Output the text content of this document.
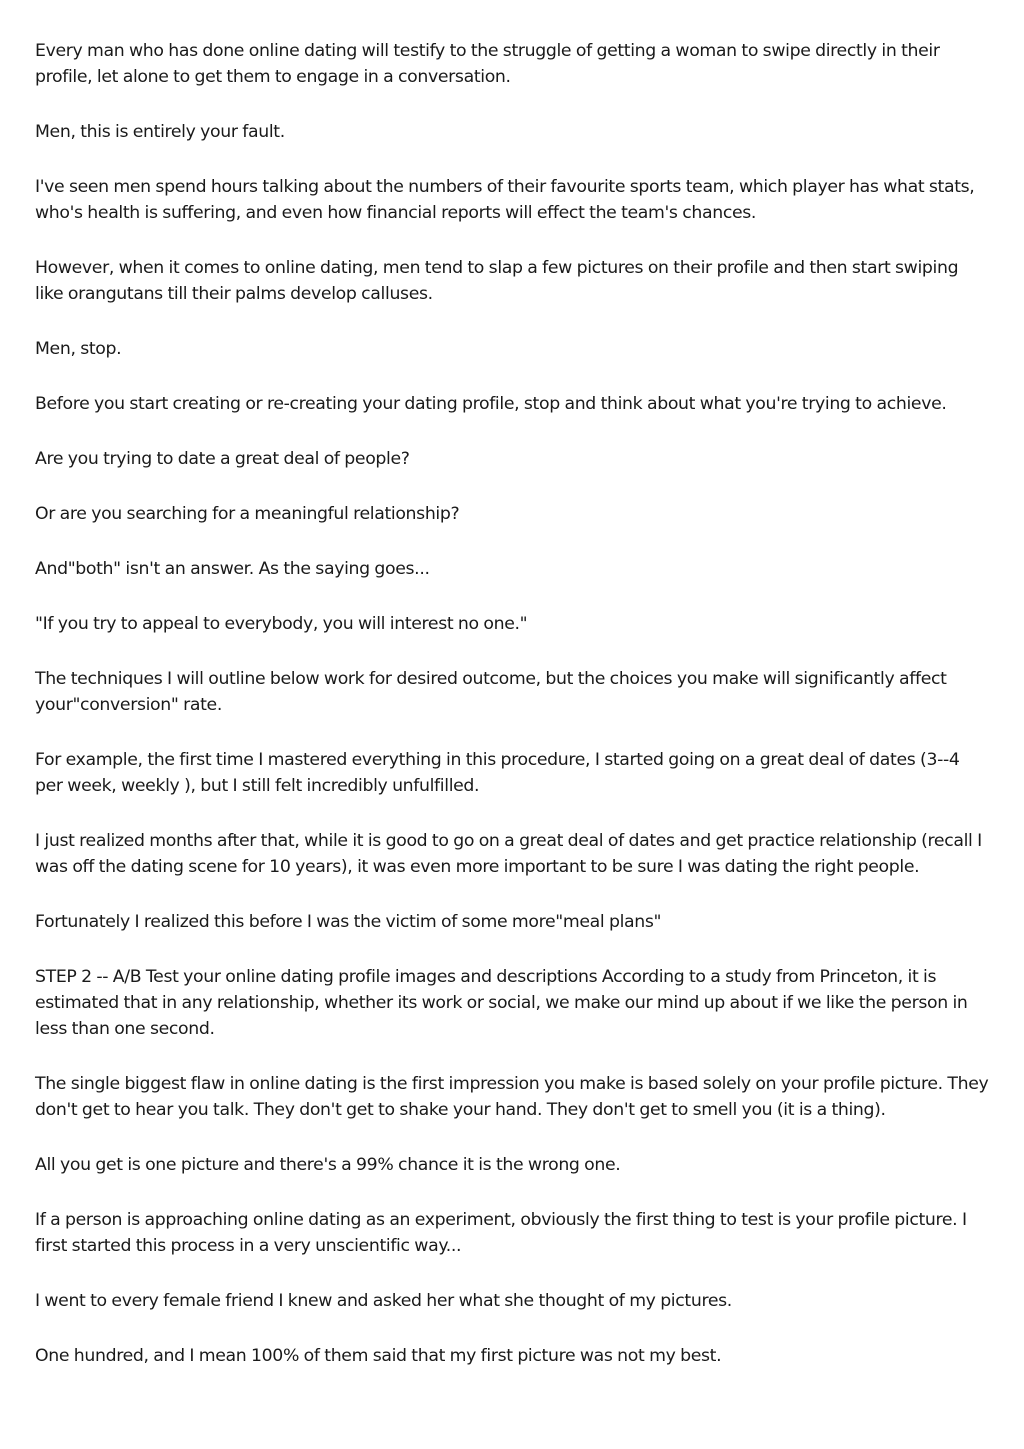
Every man who has done online dating will testify to the struggle of getting a woman to swipe directly in their profile, let alone to get them to engage in a conversation.

Men, this is entirely your fault.

I've seen men spend hours talking about the numbers of their favourite sports team, which player has what stats, who's health is suffering, and even how financial reports will effect the team's chances.

However, when it comes to online dating, men tend to slap a few pictures on their profile and then start swiping like orangutans till their palms develop calluses.

Men, stop.

Before you start creating or re-creating your dating profile, stop and think about what you're trying to achieve.

Are you trying to date a great deal of people?

Or are you searching for a meaningful relationship?

And"both" isn't an answer. As the saying goes...

"If you try to appeal to everybody, you will interest no one."

The techniques I will outline below work for desired outcome, but the choices you make will significantly affect your"conversion" rate.

For example, the first time I mastered everything in this procedure, I started going on a great deal of dates (3--4 per week, weekly ), but I still felt incredibly unfulfilled.

I just realized months after that, while it is good to go on a great deal of dates and get practice relationship (recall I was off the dating scene for 10 years), it was even more important to be sure I was dating the right people.

Fortunately I realized this before I was the victim of some more"meal plans"

STEP 2 -- A/B Test your online dating profile images and descriptions According to a study from Princeton, it is estimated that in any relationship, whether its work or social, we make our mind up about if we like the person in less than one second.

The single biggest flaw in online dating is the first impression you make is based solely on your profile picture. They don't get to hear you talk. They don't get to shake your hand. They don't get to smell you (it is a thing).

All you get is one picture and there's a 99% chance it is the wrong one.

If a person is approaching online dating as an experiment, obviously the first thing to test is your profile picture. I first started this process in a very unscientific way...

I went to every female friend I knew and asked her what she thought of my pictures.

One hundred, and I mean 100% of them said that my first picture was not my best.
